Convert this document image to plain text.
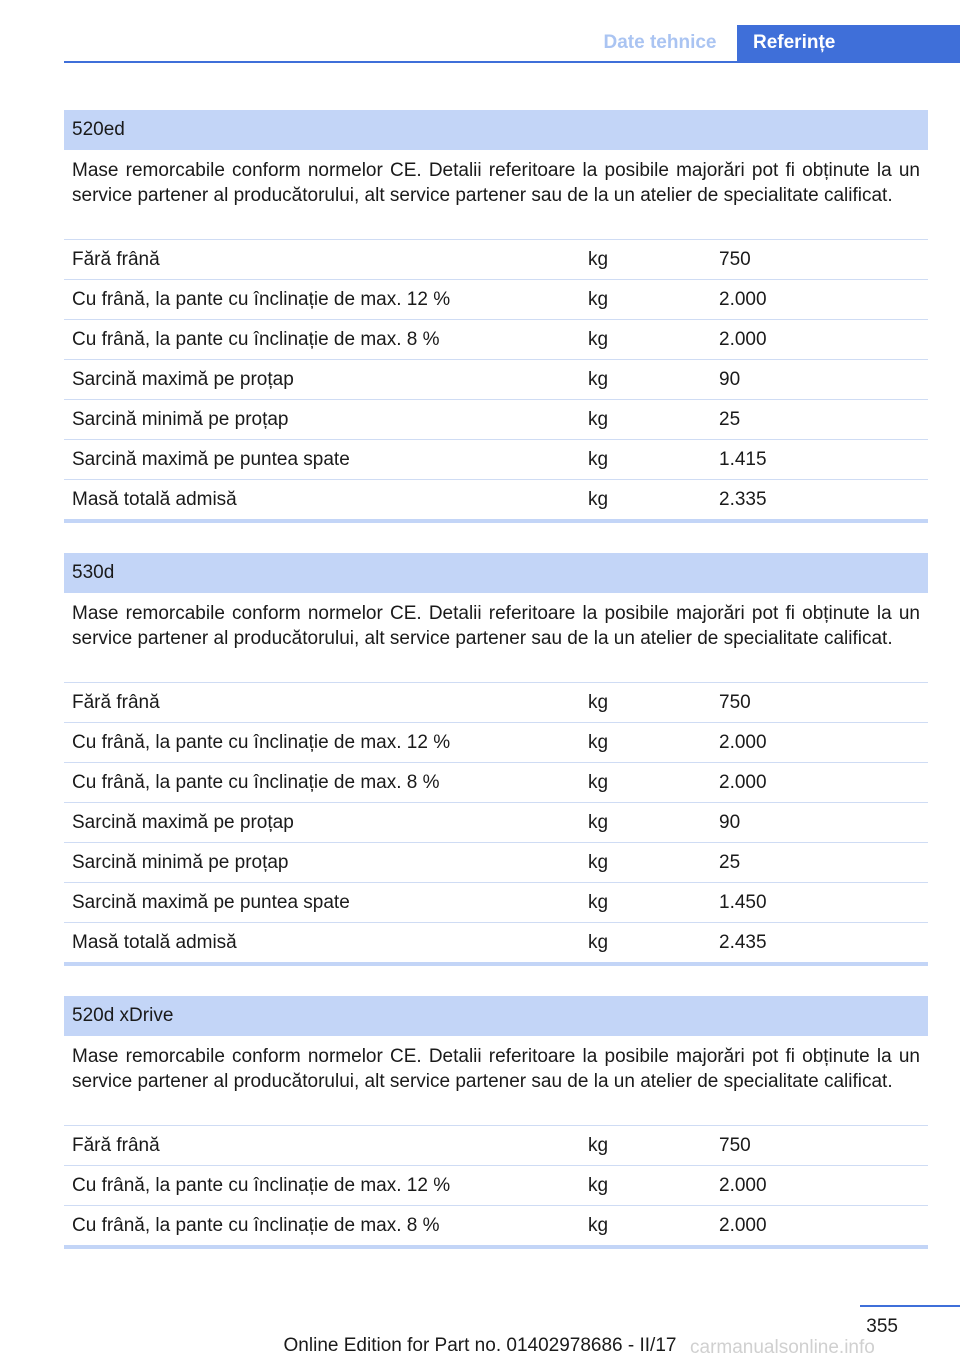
Date tehnice	Referințe
520ed
Mase remorcabile conform normelor CE. Detalii referitoare la posibile majorări pot fi obținute la un service partener al producătorului, alt service partener sau de la un atelier de specialitate calificat.
Fără frână	kg	750
Cu frână, la pante cu înclinație de max. 12 %	kg	2.000
Cu frână, la pante cu înclinație de max. 8 %	kg	2.000
Sarcină maximă pe proțap	kg	90
Sarcină minimă pe proțap	kg	25
Sarcină maximă pe puntea spate	kg	1.415
Masă totală admisă	kg	2.335
530d
Mase remorcabile conform normelor CE. Detalii referitoare la posibile majorări pot fi obținute la un service partener al producătorului, alt service partener sau de la un atelier de specialitate calificat.
Fără frână	kg	750
Cu frână, la pante cu înclinație de max. 12 %	kg	2.000
Cu frână, la pante cu înclinație de max. 8 %	kg	2.000
Sarcină maximă pe proțap	kg	90
Sarcină minimă pe proțap	kg	25
Sarcină maximă pe puntea spate	kg	1.450
Masă totală admisă	kg	2.435
520d xDrive
Mase remorcabile conform normelor CE. Detalii referitoare la posibile majorări pot fi obținute la un service partener al producătorului, alt service partener sau de la un atelier de specialitate calificat.
Fără frână	kg	750
Cu frână, la pante cu înclinație de max. 12 %	kg	2.000
Cu frână, la pante cu înclinație de max. 8 %	kg	2.000
355
Online Edition for Part no. 01402978686 - II/17 carmanualsonline.info
